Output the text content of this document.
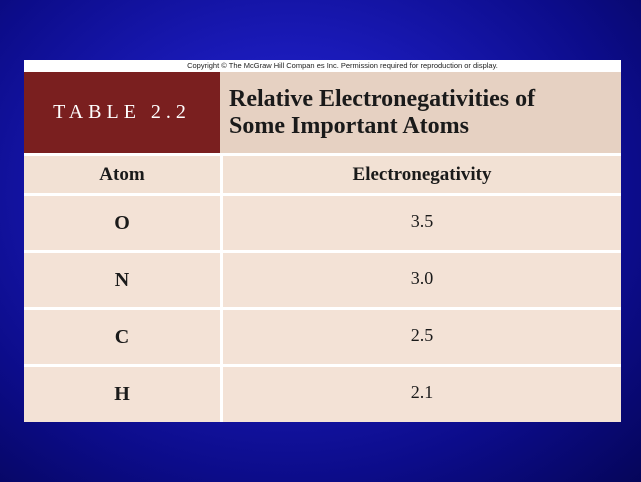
Copyright © The McGraw Hill Compan es Inc. Permission required for reproduction or display.
TABLE 2.2	Relative Electronegativities of
Some Important Atoms
Atom	Electronegativity
O	3.5
N	3.0
C	2.5
H	2.1
